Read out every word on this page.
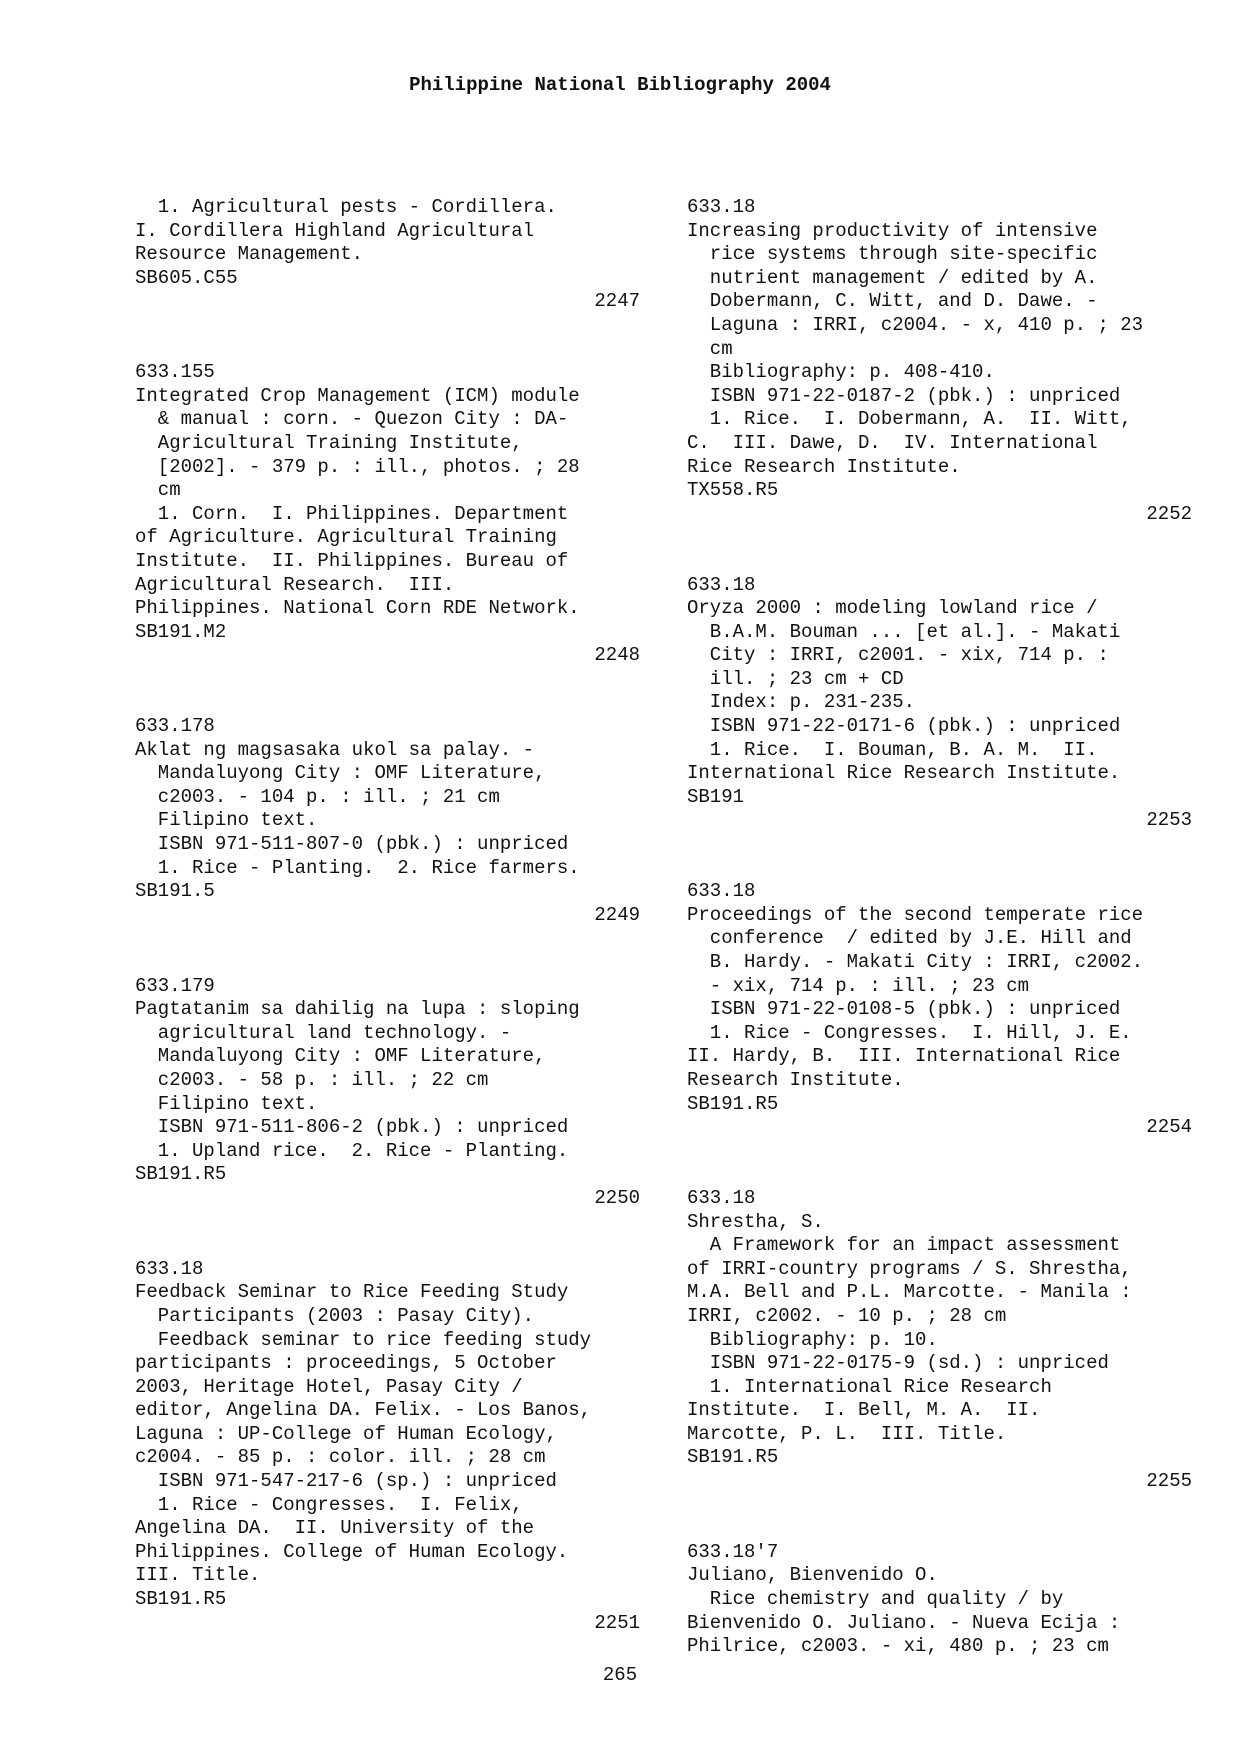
Philippine National Bibliography 2004
1. Agricultural pests - Cordillera.
I. Cordillera Highland Agricultural
Resource Management.
SB605.C55
2247
633.155
Integrated Crop Management (ICM) module
& manual : corn. - Quezon City : DA-
Agricultural Training Institute,
[2002]. - 379 p. : ill., photos. ; 28
cm
1. Corn.  I. Philippines. Department
of Agriculture. Agricultural Training
Institute.  II. Philippines. Bureau of
Agricultural Research.  III.
Philippines. National Corn RDE Network.
SB191.M2
2248
633.178
Aklat ng magsasaka ukol sa palay. -
Mandaluyong City : OMF Literature,
c2003. - 104 p. : ill. ; 21 cm
Filipino text.
ISBN 971-511-807-0 (pbk.) : unpriced
1. Rice - Planting.  2. Rice farmers.
SB191.5
2249
633.179
Pagtatanim sa dahilig na lupa : sloping
agricultural land technology. -
Mandaluyong City : OMF Literature,
c2003. - 58 p. : ill. ; 22 cm
Filipino text.
ISBN 971-511-806-2 (pbk.) : unpriced
1. Upland rice.  2. Rice - Planting.
SB191.R5
2250
633.18
Feedback Seminar to Rice Feeding Study
Participants (2003 : Pasay City).
Feedback seminar to rice feeding study
participants : proceedings, 5 October
2003, Heritage Hotel, Pasay City /
editor, Angelina DA. Felix. - Los Banos,
Laguna : UP-College of Human Ecology,
c2004. - 85 p. : color. ill. ; 28 cm
ISBN 971-547-217-6 (sp.) : unpriced
1. Rice - Congresses.  I. Felix,
Angelina DA.  II. University of the
Philippines. College of Human Ecology.
III. Title.
SB191.R5
2251
633.18
Increasing productivity of intensive
rice systems through site-specific
nutrient management / edited by A.
Dobermann, C. Witt, and D. Dawe. -
Laguna : IRRI, c2004. - x, 410 p. ; 23
cm
Bibliography: p. 408-410.
ISBN 971-22-0187-2 (pbk.) : unpriced
1. Rice.  I. Dobermann, A.  II. Witt,
C.  III. Dawe, D.  IV. International
Rice Research Institute.
TX558.R5
2252
633.18
Oryza 2000 : modeling lowland rice /
B.A.M. Bouman ... [et al.]. - Makati
City : IRRI, c2001. - xix, 714 p. :
ill. ; 23 cm + CD
Index: p. 231-235.
ISBN 971-22-0171-6 (pbk.) : unpriced
1. Rice.  I. Bouman, B. A. M.  II.
International Rice Research Institute.
SB191
2253
633.18
Proceedings of the second temperate rice
conference  / edited by J.E. Hill and
B. Hardy. - Makati City : IRRI, c2002.
- xix, 714 p. : ill. ; 23 cm
ISBN 971-22-0108-5 (pbk.) : unpriced
1. Rice - Congresses.  I. Hill, J. E.
II. Hardy, B.  III. International Rice
Research Institute.
SB191.R5
2254
633.18
Shrestha, S.
A Framework for an impact assessment
of IRRI-country programs / S. Shrestha,
M.A. Bell and P.L. Marcotte. - Manila :
IRRI, c2002. - 10 p. ; 28 cm
Bibliography: p. 10.
ISBN 971-22-0175-9 (sd.) : unpriced
1. International Rice Research
Institute.  I. Bell, M. A.  II.
Marcotte, P. L.  III. Title.
SB191.R5
2255
633.18'7
Juliano, Bienvenido O.
Rice chemistry and quality / by
Bienvenido O. Juliano. - Nueva Ecija :
Philrice, c2003. - xi, 480 p. ; 23 cm
265
